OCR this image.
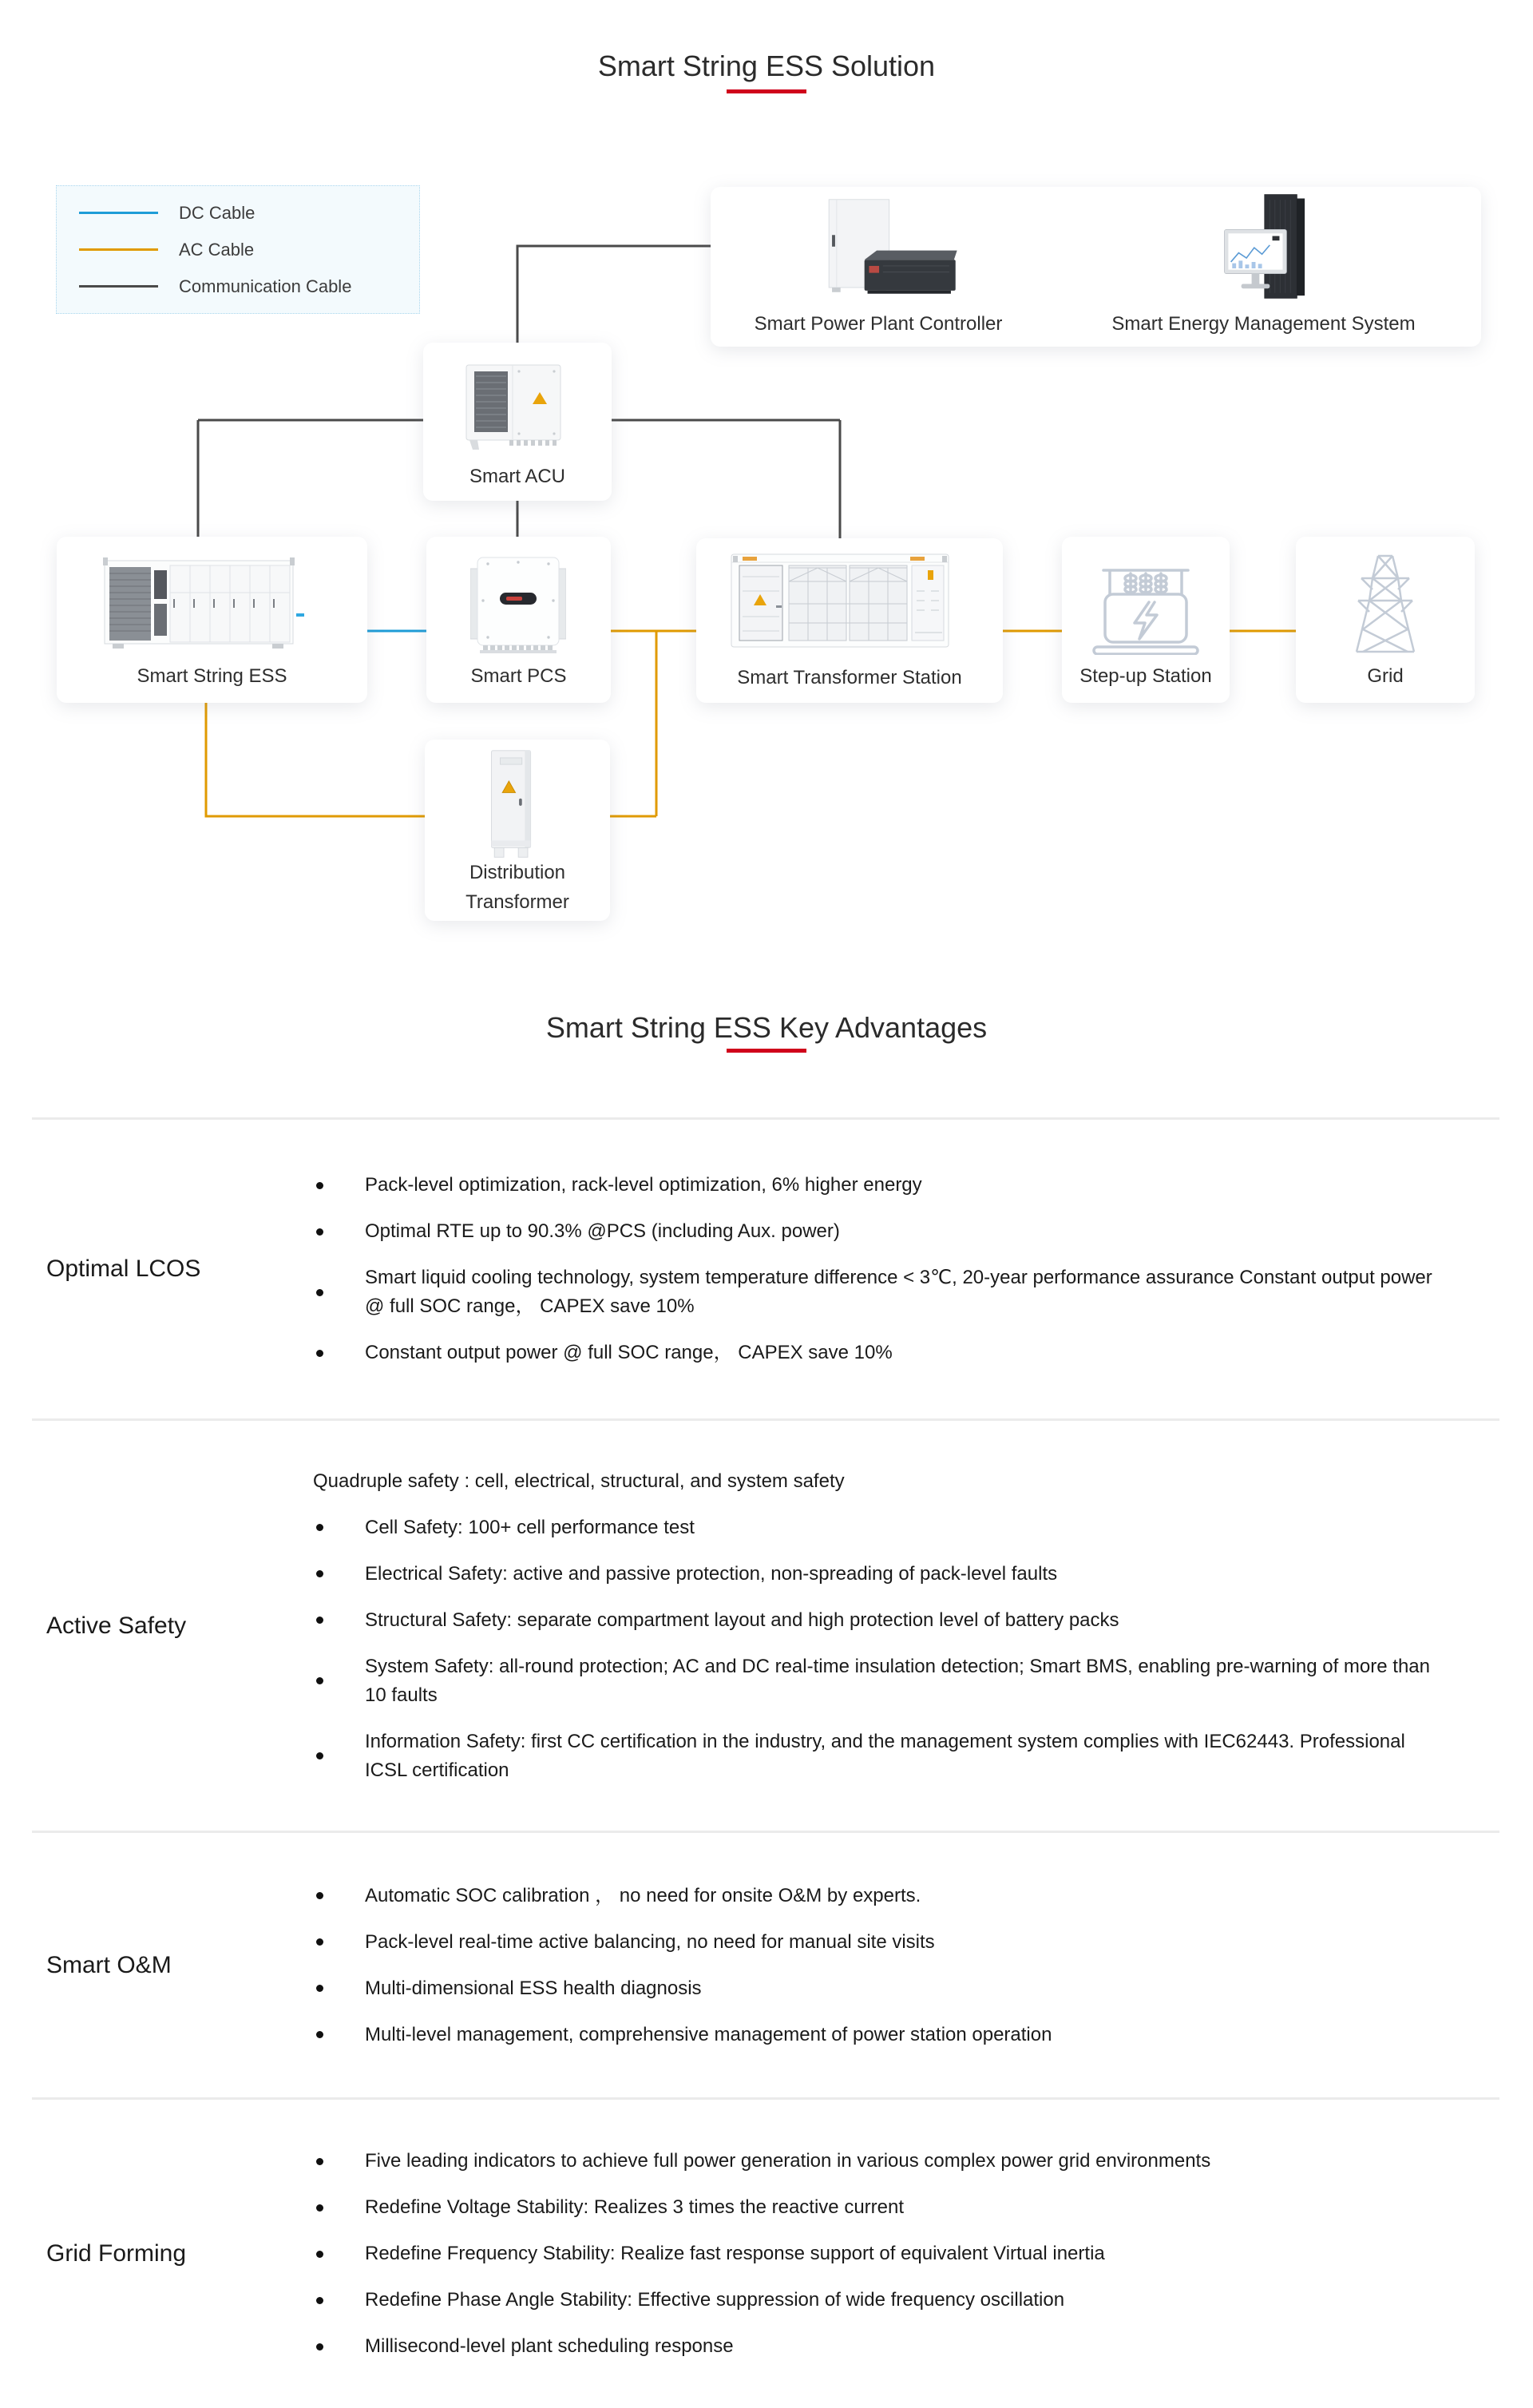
Smart String ESS Solution
DC Cable
AC Cable
Communication Cable
Smart Power Plant Controller	Smart Energy Management System
Smart ACU
Smart String ESS	Smart PCS	Smart Transformer Station	Step-up Station	Grid
Distribution
Transformer
Smart String ESS Key Advantages
Optimal LCOS
Pack-level optimization, rack-level optimization, 6% higher energy
Optimal RTE up to 90.3% @PCS (including Aux. power)
Smart liquid cooling technology, system temperature difference < 3℃, 20-year performance assurance Constant output power @ full SOC range， CAPEX save 10%
Constant output power @ full SOC range， CAPEX save 10%
Active Safety
Quadruple safety : cell, electrical, structural, and system safety
Cell Safety: 100+ cell performance test
Electrical Safety: active and passive protection, non-spreading of pack-level faults
Structural Safety: separate compartment layout and high protection level of battery packs
System Safety: all-round protection; AC and DC real-time insulation detection; Smart BMS, enabling pre-warning of more than 10 faults
Information Safety: first CC certification in the industry, and the management system complies with IEC62443. Professional ICSL certification
Smart O&M
Automatic SOC calibration ， no need for onsite O&M by experts.
Pack-level real-time active balancing, no need for manual site visits
Multi-dimensional ESS health diagnosis
Multi-level management, comprehensive management of power station operation
Grid Forming
Five leading indicators to achieve full power generation in various complex power grid environments
Redefine Voltage Stability: Realizes 3 times the reactive current
Redefine Frequency Stability: Realize fast response support of equivalent Virtual inertia
Redefine Phase Angle Stability: Effective suppression of wide frequency oscillation
Millisecond-level plant scheduling response
